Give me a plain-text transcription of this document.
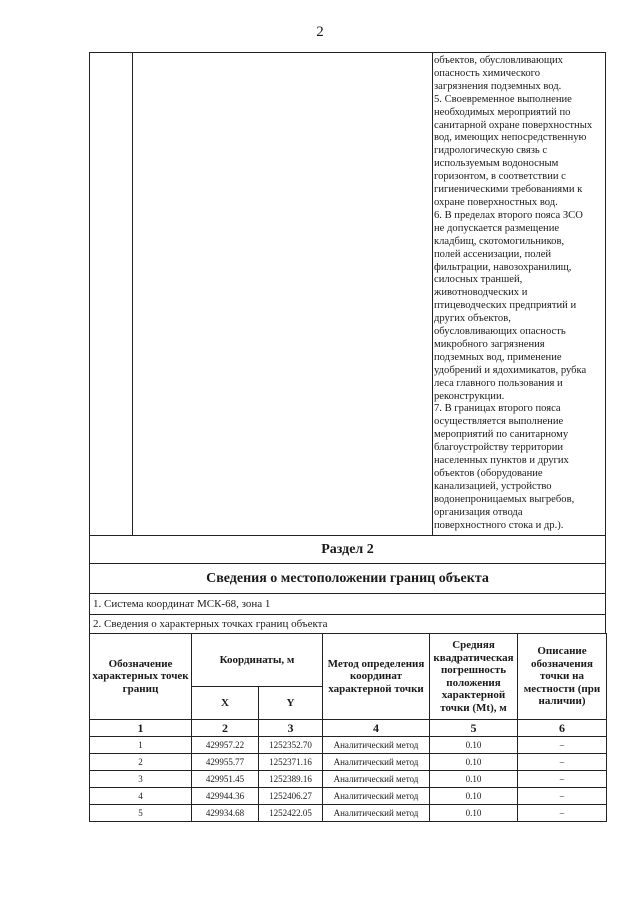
2

объектов, обусловливающих

опасность химического

загрязнения подземных вод.

5. Своевременное выполнение

необходимых мероприятий по

санитарной охране поверхностных

вод, имеющих непосредственную

гидрологическую связь с

используемым водоносным

горизонтом, в соответствии с

гигиеническими требованиями к

охране поверхностных вод.

6. В пределах второго пояса ЗСО

не допускается размещение

кладбищ, скотомогильников,

полей ассенизации, полей

фильтрации, навозохранилищ,

силосных траншей,

животноводческих и

птицеводческих предприятий и

других объектов,

обусловливающих опасность

микробного загрязнения

подземных вод, применение

удобрений и ядохимикатов, рубка

леса главного пользования и

реконструкции.

7. В границах второго пояса

осуществляется выполнение

мероприятий по санитарному

благоустройству территории

населенных пунктов и других

объектов (оборудование

канализацией, устройство

водонепроницаемых выгребов,

организация отвода

поверхностного стока и др.).

Раздел 2
Сведения о местоположении границ объекта
1. Система координат МСК-68, зона 1
2. Сведения о характерных точках границ объекта
Обозначение характерных точек границ	Координаты, м		Метод определения координат характерной точки	Средняя квадратическая погрешность положения характерной точки (Mt), м	Описание обозначения точки на местности (при наличии)
	X	Y			
1	2	3	4	5	6
1	429957.22	1252352.70	Аналитический метод	0.10	–
2	429955.77	1252371.16	Аналитический метод	0.10	–
3	429951.45	1252389.16	Аналитический метод	0.10	–
4	429944.36	1252406.27	Аналитический метод	0.10	–
5	429934.68	1252422.05	Аналитический метод	0.10	–
